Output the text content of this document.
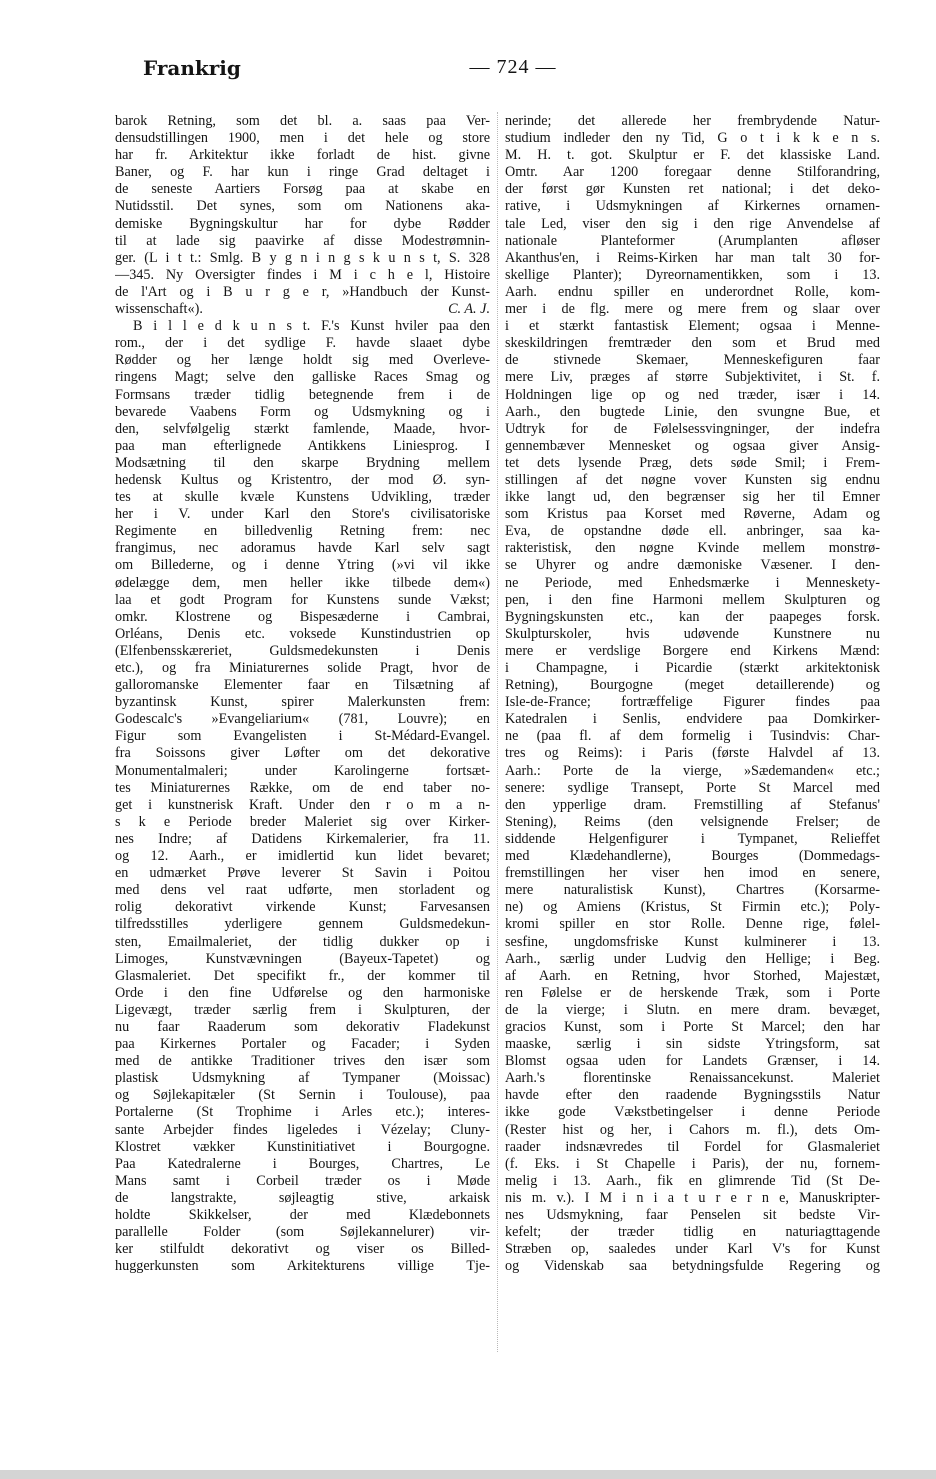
Frankrig	— 724 —
barok Retning, som det bl. a. saas paa Ver-
densudstillingen 1900, men i det hele og store
har fr. Arkitektur ikke forladt de hist. givne
Baner, og F. har kun i ringe Grad deltaget i
de seneste Aartiers Forsøg paa at skabe en
Nutidsstil. Det synes, som om Nationens aka-
demiske Bygningskultur har for dybe Rødder
til at lade sig paavirke af disse Modestrømnin-
ger. (L i t t.: Smlg. B y g n i n g s k u n s t, S. 328
—345. Ny Oversigter findes i M i c h e l, Histoire
de l'Art og i B u r g e r, »Handbuch der Kunst-
wissenschaft«).	C. A. J.
B i l l e d k u n s t. F.'s Kunst hviler paa den
rom., der i det sydlige F. havde slaaet dybe
Rødder og her længe holdt sig med Overleve-
ringens Magt; selve den galliske Races Smag og
Formsans træder tidlig betegnende frem i de
bevarede Vaabens Form og Udsmykning og i
den, selvfølgelig stærkt famlende, Maade, hvor-
paa man efterlignede Antikkens Liniesprog. I
Modsætning til den skarpe Brydning mellem
hedensk Kultus og Kristentro, der mod Ø. syn-
tes at skulle kvæle Kunstens Udvikling, træder
her i V. under Karl den Store's civilisatoriske
Regimente en billedvenlig Retning frem: nec
frangimus, nec adoramus havde Karl selv sagt
om Billederne, og i denne Ytring (»vi vil ikke
ødelægge dem, men heller ikke tilbede dem«)
laa et godt Program for Kunstens sunde Vækst;
omkr. Klostrene og Bispesæderne i Cambrai,
Orléans, Denis etc. voksede Kunstindustrien op
(Elfenbensskæreriet, Guldsmedekunsten i Denis
etc.), og fra Miniaturernes solide Pragt, hvor de
galloromanske Elementer faar en Tilsætning af
byzantinsk Kunst, spirer Malerkunsten frem:
Godescalc's »Evangeliarium« (781, Louvre); en
Figur som Evangelisten i St-Médard-Evangel.
fra Soissons giver Løfter om det dekorative
Monumentalmaleri; under Karolingerne fortsæt-
tes Miniaturernes Række, om de end taber no-
get i kunstnerisk Kraft. Under den r o m a n-
s k e Periode breder Maleriet sig over Kirker-
nes Indre; af Datidens Kirkemalerier, fra 11.
og 12. Aarh., er imidlertid kun lidet bevaret;
en udmærket Prøve leverer St Savin i Poitou
med dens vel raat udførte, men storladent og
rolig dekorativt virkende Kunst; Farvesansen
tilfredsstilles yderligere gennem Guldsmedekun-
sten, Emailmaleriet, der tidlig dukker op i
Limoges, Kunstvævningen (Bayeux-Tapetet) og
Glasmaleriet. Det specifikt fr., der kommer til
Orde i den fine Udførelse og den harmoniske
Ligevægt, træder særlig frem i Skulpturen, der
nu faar Raaderum som dekorativ Fladekunst
paa Kirkernes Portaler og Facader; i Syden
med de antikke Traditioner trives den især som
plastisk Udsmykning af Tympaner (Moissac)
og Søjlekapitæler (St Sernin i Toulouse), paa
Portalerne (St Trophime i Arles etc.); interes-
sante Arbejder findes ligeledes i Vézelay; Cluny-
Klostret vækker Kunstinitiativet i Bourgogne.
Paa Katedralerne i Bourges, Chartres, Le
Mans samt i Corbeil træder os i Møde
de langstrakte, søjleagtig stive, arkaisk
holdte Skikkelser, der med Klædebonnets
parallelle Folder (som Søjlekannelurer) vir-
ker stilfuldt dekorativt og viser os Billed-
huggerkunsten som Arkitekturens villige Tje-
nerinde; det allerede her frembrydende Natur-
studium indleder den ny Tid, G o t i k k e n s.
M. H. t. got. Skulptur er F. det klassiske Land.
Omtr. Aar 1200 foregaar denne Stilforandring,
der først gør Kunsten ret national; i det deko-
rative, i Udsmykningen af Kirkernes ornamen-
tale Led, viser den sig i den rige Anvendelse af
nationale Planteformer (Arumplanten afløser
Akanthus'en, i Reims-Kirken har man talt 30 for-
skellige Planter); Dyreornamentikken, som i 13.
Aarh. endnu spiller en underordnet Rolle, kom-
mer i de flg. mere og mere frem og slaar over
i et stærkt fantastisk Element; ogsaa i Menne-
skeskildringen fremtræder den som et Brud med
de stivnede Skemaer, Menneskefiguren faar
mere Liv, præges af større Subjektivitet, i St. f.
Holdningen lige op og ned træder, især i 14.
Aarh., den bugtede Linie, den svungne Bue, et
Udtryk for de Følelsessvingninger, der indefra
gennembæver Mennesket og ogsaa giver Ansig-
tet dets lysende Præg, dets søde Smil; i Frem-
stillingen af det nøgne vover Kunsten sig endnu
ikke langt ud, den begrænser sig her til Emner
som Kristus paa Korset med Røverne, Adam og
Eva, de opstandne døde ell. anbringer, saa ka-
rakteristisk, den nøgne Kvinde mellem monstrø-
se Uhyrer og andre dæmoniske Væsener. I den-
ne Periode, med Enhedsmærke i Menneskety-
pen, i den fine Harmoni mellem Skulpturen og
Bygningskunsten etc., kan der paapeges forsk.
Skulpturskoler, hvis udøvende Kunstnere nu
mere er verdslige Borgere end Kirkens Mænd:
i Champagne, i Picardie (stærkt arkitektonisk
Retning), Bourgogne (meget detaillerende) og
Isle-de-France; fortræffelige Figurer findes paa
Katedralen i Senlis, endvidere paa Domkirker-
ne (paa fl. af dem formelig i Tusindvis: Char-
tres og Reims): i Paris (første Halvdel af 13.
Aarh.: Porte de la vierge, »Sædemanden« etc.;
senere: sydlige Transept, Porte St Marcel med
den ypperlige dram. Fremstilling af Stefanus'
Stening), Reims (den velsignende Frelser; de
siddende Helgenfigurer i Tympanet, Relieffet
med Klædehandlerne), Bourges (Dommedags-
fremstillingen her viser hen imod en senere,
mere naturalistisk Kunst), Chartres (Korsarme-
ne) og Amiens (Kristus, St Firmin etc.); Poly-
kromi spiller en stor Rolle. Denne rige, følel-
sesfine, ungdomsfriske Kunst kulminerer i 13.
Aarh., særlig under Ludvig den Hellige; i Beg.
af Aarh. en Retning, hvor Storhed, Majestæt,
ren Følelse er de herskende Træk, som i Porte
de la vierge; i Slutn. en mere dram. bevæget,
gracios Kunst, som i Porte St Marcel; den har
maaske, særlig i sin sidste Ytringsform, sat
Blomst ogsaa uden for Landets Grænser, i 14.
Aarh.'s florentinske Renaissancekunst. Maleriet
havde efter den raadende Bygningsstils Natur
ikke gode Vækstbetingelser i denne Periode
(Rester hist og her, i Cahors m. fl.), dets Om-
raader indsnævredes til Fordel for Glasmaleriet
(f. Eks. i St Chapelle i Paris), der nu, fornem-
melig i 13. Aarh., fik en glimrende Tid (St De-
nis m. v.). I M i n i a t u r e r n e, Manuskripter-
nes Udsmykning, faar Penselen sit bedste Vir-
kefelt; der træder tidlig en naturiagttagende
Stræben op, saaledes under Karl V's for Kunst
og Videnskab saa betydningsfulde Regering og
